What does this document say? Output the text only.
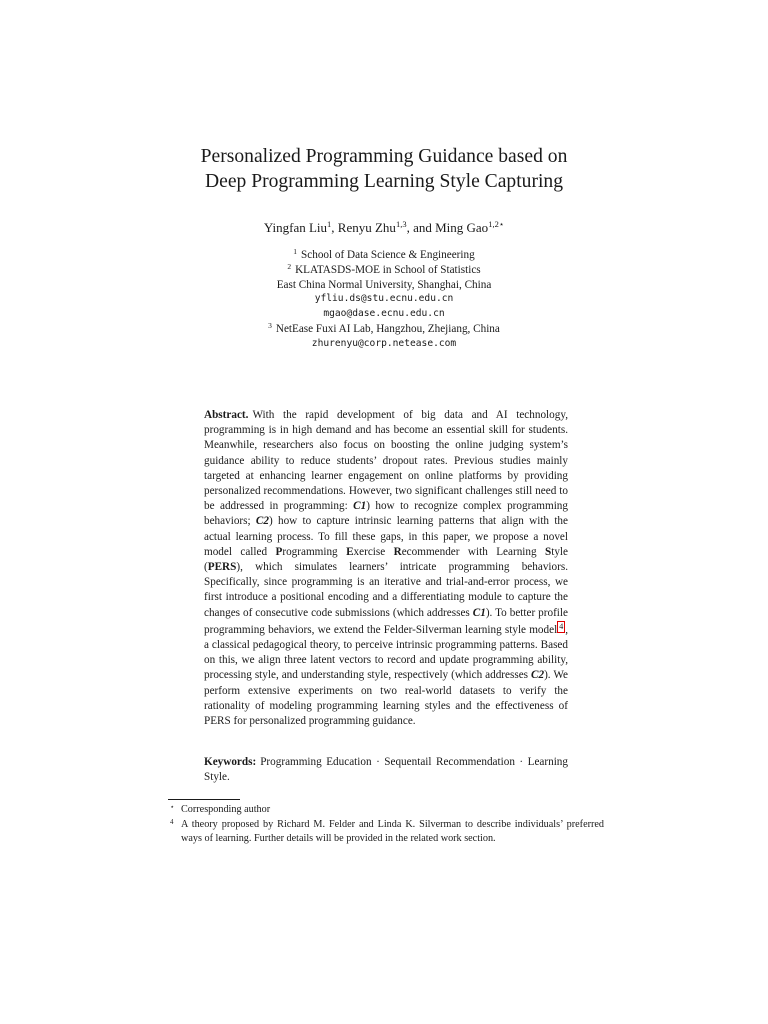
Personalized Programming Guidance based on
Deep Programming Learning Style Capturing
Yingfan Liu$^1$, Renyu Zhu$^{1,3}$, and Ming Gao$^{1,2⋆}$
$^1$ School of Data Science & Engineering
$^2$ KLATASDS-MOE in School of Statistics
East China Normal University, Shanghai, China
yfliu.ds@stu.ecnu.edu.cn
mgao@dase.ecnu.edu.cn
$^3$ NetEase Fuxi AI Lab, Hangzhou, Zhejiang, China
zhurenyu@corp.netease.com
Abstract. With the rapid development of big data and AI technology, programming is in high demand and has become an essential skill for students. Meanwhile, researchers also focus on boosting the online judging system’s guidance ability to reduce students’ dropout rates. Previous studies mainly targeted at enhancing learner engagement on online platforms by providing personalized recommendations. However, two significant challenges still need to be addressed in programming: C1) how to recognize complex programming behaviors; C2) how to capture intrinsic learning patterns that align with the actual learning process. To fill these gaps, in this paper, we propose a novel model called Programming Exercise Recommender with Learning Style (PERS), which simulates learners’ intricate programming behaviors. Specifically, since programming is an iterative and trial-and-error process, we first introduce a positional encoding and a differentiating module to capture the changes of consecutive code submissions (which addresses C1). To better profile programming behaviors, we extend the Felder-Silverman learning style model 4 , a classical pedagogical theory, to perceive intrinsic programming patterns. Based on this, we align three latent vectors to record and update programming ability, processing style, and understanding style, respectively (which addresses C2). We perform extensive experiments on two real-world datasets to verify the rationality of modeling programming learning styles and the effectiveness of PERS for personalized programming guidance.
Keywords: Programming Education · Sequentail Recommendation · Learning Style.
⋆ Corresponding author
4 A theory proposed by Richard M. Felder and Linda K. Silverman to describe individuals’ preferred ways of learning. Further details will be provided in the related work section.
